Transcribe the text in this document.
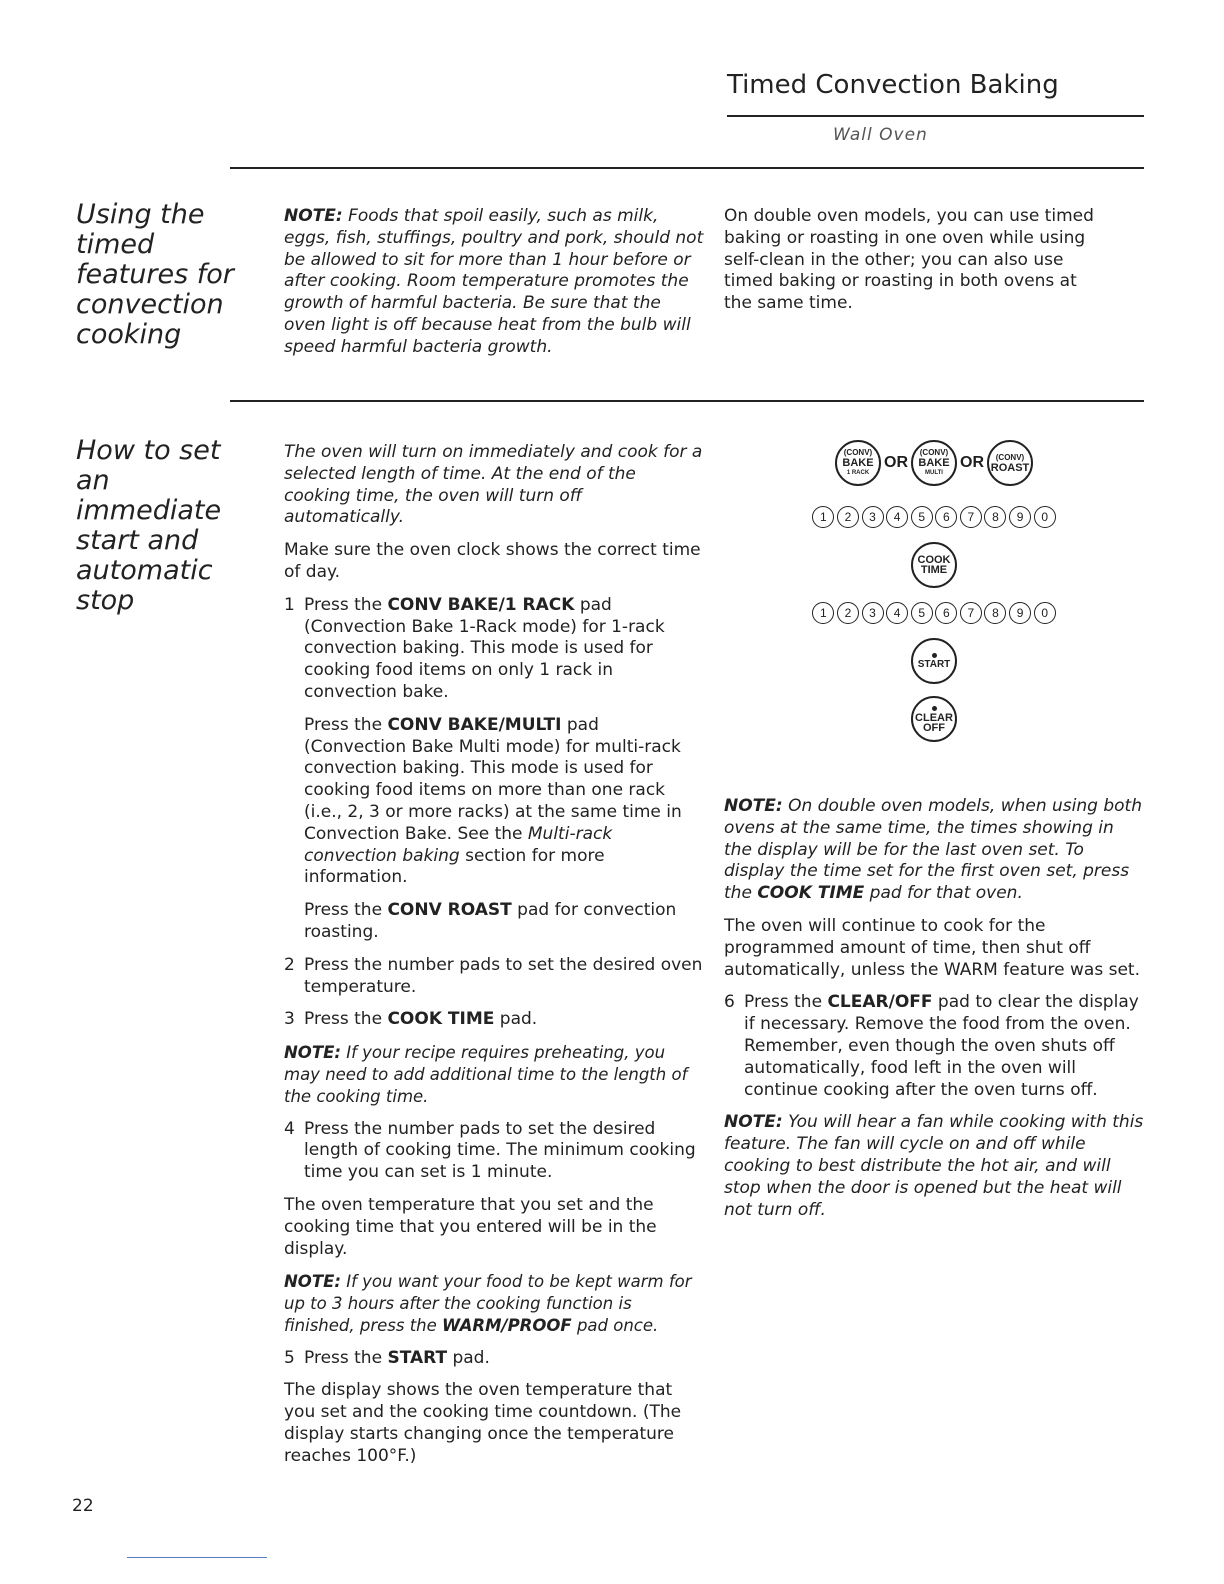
Timed Convection Baking
Wall Oven
Using the timed features for convection cooking

NOTE: Foods that spoil easily, such as milk, eggs, fish, stuffings, poultry and pork, should not be allowed to sit for more than 1 hour before or after cooking. Room temperature promotes the growth of harmful bacteria. Be sure that the oven light is off because heat from the bulb will speed harmful bacteria growth.

On double oven models, you can use timed baking or roasting in one oven while using self-clean in the other; you can also use timed baking or roasting in both ovens at the same time.

How to set an immediate start and automatic stop

The oven will turn on immediately and cook for a selected length of time. At the end of the cooking time, the oven will turn off automatically.

Make sure the oven clock shows the correct time of day.

1 Press the CONV BAKE/1 RACK pad (Convection Bake 1-Rack mode) for 1-rack convection baking. This mode is used for cooking food items on only 1 rack in convection bake.

Press the CONV BAKE/MULTI pad (Convection Bake Multi mode) for multi-rack convection baking. This mode is used for cooking food items on more than one rack (i.e., 2, 3 or more racks) at the same time in Convection Bake. See the Multi-rack convection baking section for more information.

Press the CONV ROAST pad for convection roasting.

2 Press the number pads to set the desired oven temperature.

3 Press the COOK TIME pad.

NOTE: If your recipe requires preheating, you may need to add additional time to the length of the cooking time.

4 Press the number pads to set the desired length of cooking time. The minimum cooking time you can set is 1 minute.

The oven temperature that you set and the cooking time that you entered will be in the display.

NOTE: If you want your food to be kept warm for up to 3 hours after the cooking function is finished, press the WARM/PROOF pad once.

5 Press the START pad.

The display shows the oven temperature that you set and the cooking time countdown. (The display starts changing once the temperature reaches 100°F.)

(CONV)
BAKE
1 RACK
OR
(CONV)
BAKE
MULTI
OR (CONV)
ROAST
1	2	3	4	5	6	7	8	9	0
COOK
TIME
1	2	3	4	5	6	7	8	9	0
START
CLEAR
OFF

NOTE: On double oven models, when using both ovens at the same time, the times showing in the display will be for the last oven set. To display the time set for the first oven set, press the COOK TIME pad for that oven.

The oven will continue to cook for the programmed amount of time, then shut off automatically, unless the WARM feature was set.

6 Press the CLEAR/OFF pad to clear the display if necessary. Remove the food from the oven. Remember, even though the oven shuts off automatically, food left in the oven will continue cooking after the oven turns off.

NOTE: You will hear a fan while cooking with this feature. The fan will cycle on and off while cooking to best distribute the hot air, and will stop when the door is opened but the heat will not turn off.

22
